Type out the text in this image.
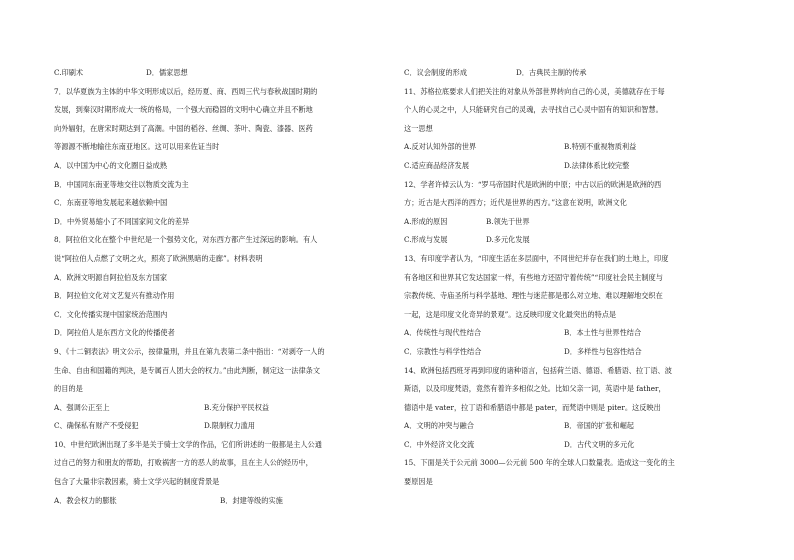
C.印刷术	D．儒家思想
7．以华夏族为主体的中华文明形成以后，经历夏、商、西周三代与春秋战国时期的
发展，到秦汉时期形成大一统的格局，一个强大而稳固的文明中心确立并且不断地
向外辐射，在唐宋时期达到了高潮。中国的稻谷、丝绸、茶叶、陶瓷、漆器、医药
等源源不断地输往东南亚地区。这可以用来佐证当时
A．以中国为中心的文化圈日益成熟
B．中国同东南亚等地交往以物质交流为主
C．东南亚等地发展起来越依赖中国
D．中外贸易缩小了不同国家间文化的差异
8．阿拉伯文化在整个中世纪是一个强势文化，对东西方都产生过深远的影响。有人
说“阿拉伯人点燃了文明之火，照亮了欧洲黑暗的走廊”。材料表明
A．欧洲文明源自阿拉伯及东方国家
B．阿拉伯文化对文艺复兴有推动作用
C．文化传播实现中国家统治范围内
D．阿拉伯人是东西方文化的传播使者
9、《十二铜表法》明文公示，按律量刑，并且在第九表第二条中指出：“对剥夺一人的
生命、自由和国籍的判决，是专属百人团大会的权力。”由此判断，制定这一法律条文
的目的是
A、强调公正至上	B.充分保护平民权益
C、确保私有财产不受侵犯	D.限制权力滥用
10、中世纪欧洲出现了多半是关于骑士文学的作品，它们所讲述的一般都是主人公通
过自己的努力和朋友的帮助，打败祸害一方的恶人的故事，且在主人公的经历中，
包含了大量非宗教因素，骑士文学兴起的制度背景是
A．教会权力的膨胀	B．封建等级的实施
C．议会制度的形成	D．古典民主制的传承
11、苏格拉底要求人们把关注的对象从外部世界转向自己的心灵，美德就存在于每
个人的心灵之中，人只能研究自己的灵魂，去寻找自己心灵中固有的知识和智慧。
这一思想
A.反对认知外部的世界	B.特别不重视物质利益
C.适应商品经济发展	D.法律体系比较完整
12、学者许倬云认为：“罗马帝国时代是欧洲的中原；中古以后的欧洲是欧洲的西
方；近古是大西洋的西方；近代是世界的西方。”这意在说明，欧洲文化
A.形成的原因	B.领先于世界
C.形成与发展	D.多元化发展
13、有印度学者认为，“印度生活在多层面中，不同世纪并存在我们的土地上，印度
有各地区和世界其它发达国家一样，有些地方还固守着传统”“印度社会民主制度与
宗教传统、寺庙圣所与科学基地、理性与迷茫都是那么对立地、难以理解地交织在
一起，这是印度文化奇异的景观”。这反映印度文化最突出的特点是
A．传统性与现代性结合	B．本土性与世界性结合
C．宗教性与科学性结合	D．多样性与包容性结合
14、欧洲包括西班牙再到印度的诸种语言，包括荷兰语、德语、希腊语、拉丁语、波
斯语，以及印度梵语，竟然有着许多相似之处。比如父亲一词，英语中是 father，
德语中是 vater，拉丁语和希腊语中都是 pater，而梵语中则是 piter。这反映出
A．文明的冲突与融合	B．帝国的扩张和崛起
C．中外经济文化交流	D．古代文明的多元化
15、下面是关于公元前 3000—公元前 500 年的全球人口数量表。造成这一变化的主
要原因是
